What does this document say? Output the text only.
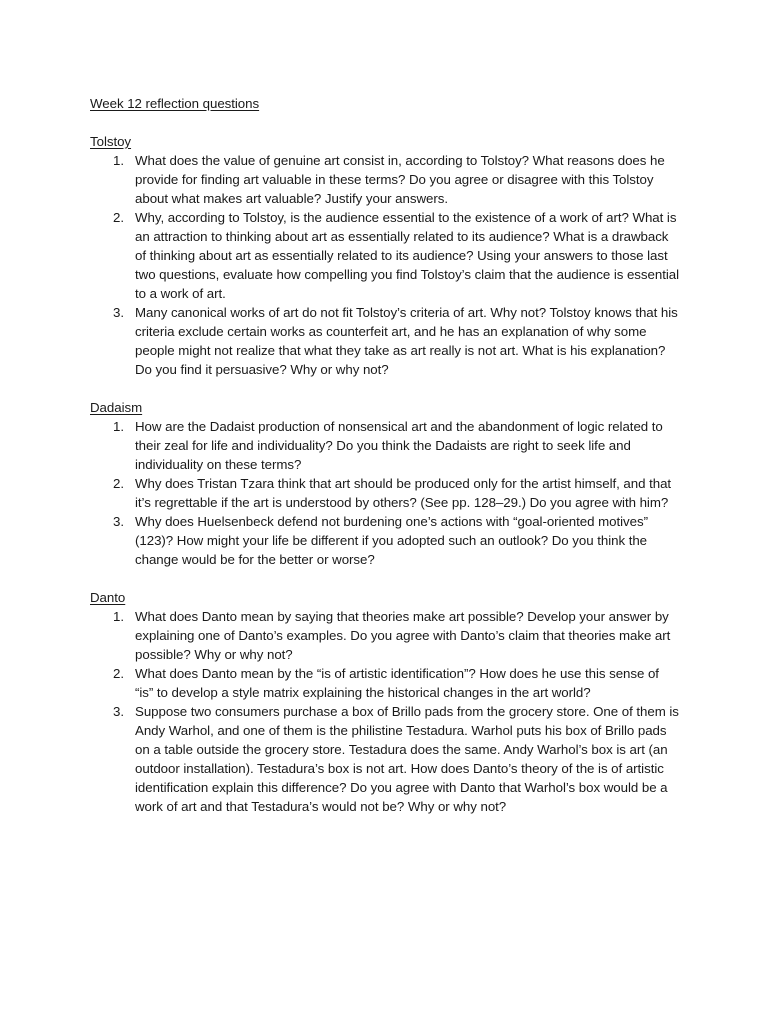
Week 12 reflection questions

Tolstoy

1. What does the value of genuine art consist in, according to Tolstoy? What reasons does he provide for finding art valuable in these terms? Do you agree or disagree with this Tolstoy about what makes art valuable? Justify your answers.

2. Why, according to Tolstoy, is the audience essential to the existence of a work of art? What is an attraction to thinking about art as essentially related to its audience? What is a drawback of thinking about art as essentially related to its audience? Using your answers to those last two questions, evaluate how compelling you find Tolstoy’s claim that the audience is essential to a work of art.

3. Many canonical works of art do not fit Tolstoy’s criteria of art. Why not? Tolstoy knows that his criteria exclude certain works as counterfeit art, and he has an explanation of why some people might not realize that what they take as art really is not art. What is his explanation? Do you find it persuasive? Why or why not?

Dadaism

1. How are the Dadaist production of nonsensical art and the abandonment of logic related to their zeal for life and individuality? Do you think the Dadaists are right to seek life and individuality on these terms?

2. Why does Tristan Tzara think that art should be produced only for the artist himself, and that it’s regrettable if the art is understood by others? (See pp. 128–29.) Do you agree with him?

3. Why does Huelsenbeck defend not burdening one’s actions with “goal-oriented motives” (123)? How might your life be different if you adopted such an outlook? Do you think the change would be for the better or worse?

Danto

1. What does Danto mean by saying that theories make art possible? Develop your answer by explaining one of Danto’s examples. Do you agree with Danto’s claim that theories make art possible? Why or why not?

2. What does Danto mean by the “is of artistic identification”? How does he use this sense of “is” to develop a style matrix explaining the historical changes in the art world?

3. Suppose two consumers purchase a box of Brillo pads from the grocery store. One of them is Andy Warhol, and one of them is the philistine Testadura. Warhol puts his box of Brillo pads on a table outside the grocery store. Testadura does the same. Andy Warhol’s box is art (an outdoor installation). Testadura’s box is not art. How does Danto’s theory of the is of artistic identification explain this difference? Do you agree with Danto that Warhol’s box would be a work of art and that Testadura’s would not be? Why or why not?
